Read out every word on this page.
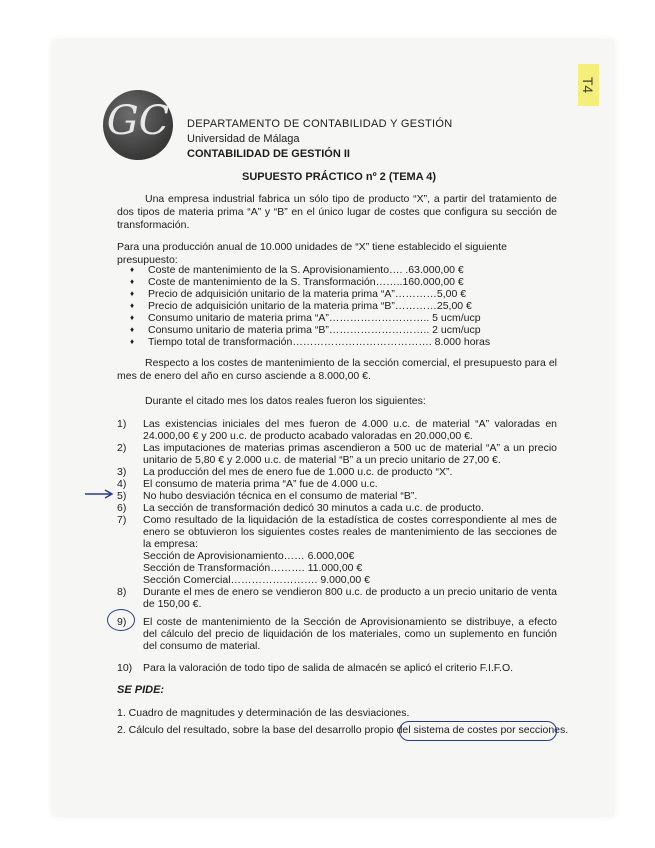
GC	DEPARTAMENTO DE CONTABILIDAD Y GESTIÓN
Universidad de Málaga
CONTABILIDAD DE GESTIÓN II
T4
SUPUESTO PRÁCTICO nº 2 (TEMA 4)
Una empresa industrial fabrica un sólo tipo de producto “X”, a partir del tratamiento de dos tipos de materia prima “A” y “B” en el único lugar de costes que configura su sección de transformación.
Para una producción anual de 10.000 unidades de “X” tiene establecido el siguiente presupuesto:
♦ Coste de mantenimiento de la S. Aprovisionamiento…. .63.000,00 €
♦ Coste de mantenimiento de la S. Transformación……..160.000,00 €
♦ Precio de adquisición unitario de la materia prima “A”…………5,00 €
♦ Precio de adquisición unitario de la materia prima “B”…………25,00 €
♦ Consumo unitario de materia prima “A”……………………….. 5 ucm/ucp
♦ Consumo unitario de materia prima “B”……………………….. 2 ucm/ucp
♦ Tiempo total de transformación…………………………………. 8.000 horas
Respecto a los costes de mantenimiento de la sección comercial, el presupuesto para el mes de enero del año en curso asciende a 8.000,00 €.
Durante el citado mes los datos reales fueron los siguientes:
1)	Las existencias iniciales del mes fueron de 4.000 u.c. de material “A” valoradas en 24.000,00 € y 200 u.c. de producto acabado valoradas en 20.000,00 €.
2)	Las imputaciones de materias primas ascendieron a 500 uc de material “A” a un precio unitario de 5,80 € y 2.000 u.c. de material “B” a un precio unitario de 27,00 €.
3)	La producción del mes de enero fue de 1.000 u.c. de producto “X”.
4)	El consumo de materia prima “A” fue de 4.000 u.c.
5)	No hubo desviación técnica en el consumo de material “B”.
6)	La sección de transformación dedicó 30 minutos a cada u.c. de producto.
7)	Como resultado de la liquidación de la estadística de costes correspondiente al mes de enero se obtuvieron los siguientes costes reales de mantenimiento de las secciones de la empresa:
Sección de Aprovisionamiento…… 6.000,00€
Sección de Transformación………. 11.000,00 €
Sección Comercial……………………. 9.000,00 €
8)	Durante el mes de enero se vendieron 800 u.c. de producto a un precio unitario de venta de 150,00 €.
9)	El coste de mantenimiento de la Sección de Aprovisionamiento se distribuye, a efecto del cálculo del precio de liquidación de los materiales, como un suplemento en función del consumo de material.
10)	Para la valoración de todo tipo de salida de almacén se aplicó el criterio F.I.F.O.
SE PIDE:
1. Cuadro de magnitudes y determinación de las desviaciones.
2. Cálculo del resultado, sobre la base del desarrollo propio del sistema de costes por secciones.
